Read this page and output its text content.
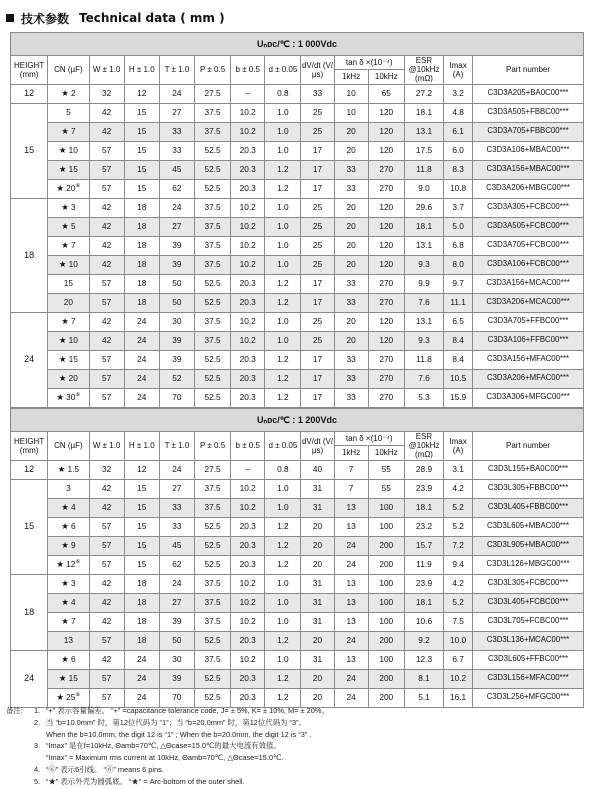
技术参数 Technical data ( mm )
Uₙᴅᴄ/℃ : 1 000Vdc													
HEIGHT (mm)	CN (µF)	W ± 1.0	H ± 1.0	T ± 1.0	P ± 0.5	b ± 0.5	d ± 0.05	dV/dt (V/µs)	tan δ ×(10⁻⁴)		ESR @10kHz (mΩ)	Imax (A)	Part number
									1kHz	10kHz			
12	★ 2	32	12	24	27.5	–	0.8	33	10	65	27.2	3.2	C3D3A205+BA0C00***
15	5	42	15	27	37.5	10.2	1.0	25	10	120	18.1	4.8	C3D3A505+FBBC00***
	★ 7	42	15	33	37.5	10.2	1.0	25	20	120	13.1	6.1	C3D3A705+FBBC00***
	★ 10	57	15	33	52.5	20.3	1.0	17	20	120	17.5	6.0	C3D3A106+MBAC00***
	★ 15	57	15	45	52.5	20.3	1.2	17	33	270	11.8	8.3	C3D3A156+MBAC00***
	★ 20⑥	57	15	62	52.5	20.3	1.2	17	33	270	9.0	10.8	C3D3A206+MBGC00***
18	★ 3	42	18	24	37.5	10.2	1.0	25	20	120	29.6	3.7	C3D3A305+FCBC00***
	★ 5	42	18	27	37.5	10.2	1.0	25	20	120	18.1	5.0	C3D3A505+FCBC00***
	★ 7	42	18	39	37.5	10.2	1.0	25	20	120	13.1	6.8	C3D3A705+FCBC00***
	★ 10	42	18	39	37.5	10.2	1.0	25	20	120	9.3	8.0	C3D3A106+FCBC00***
	15	57	18	50	52.5	20.3	1.2	17	33	270	9.9	9.7	C3D3A156+MCAC00***
	20	57	18	50	52.5	20.3	1.2	17	33	270	7.6	11.1	C3D3A206+MCAC00***
24	★ 7	42	24	30	37.5	10.2	1.0	25	20	120	13.1	6.5	C3D3A705+FFBC00***
	★ 10	42	24	39	37.5	10.2	1.0	25	20	120	9.3	8.4	C3D3A106+FFBC00***
	★ 15	57	24	39	52.5	20.3	1.2	17	33	270	11.8	8.4	C3D3A156+MFAC00***
	★ 20	57	24	52	52.5	20.3	1.2	17	33	270	7.6	10.5	C3D3A206+MFAC00***
	★ 30⑥	57	24	70	52.5	20.3	1.2	17	33	270	5.3	15.9	C3D3A306+MFGC00***
Uₙᴅᴄ/℃ : 1 200Vdc													
HEIGHT (mm)	CN (µF)	W ± 1.0	H ± 1.0	T ± 1.0	P ± 0.5	b ± 0.5	d ± 0.05	dV/dt (V/µs)	tan δ ×(10⁻⁴)		ESR @10kHz (mΩ)	Imax (A)	Part number
									1kHz	10kHz			
12	★ 1.5	32	12	24	27.5	–	0.8	40	7	55	28.9	3.1	C3D3L155+BA0C00***
15	3	42	15	27	37.5	10.2	1.0	31	7	55	23.9	4.2	C3D3L305+FBBC00***
	★ 4	42	15	33	37.5	10.2	1.0	31	13	100	18.1	5.2	C3D3L405+FBBC00***
	★ 6	57	15	33	52.5	20.3	1.2	20	13	100	23.2	5.2	C3D3L605+MBAC00***
	★ 9	57	15	45	52.5	20.3	1.2	20	24	200	15.7	7.2	C3D3L905+MBAC00***
	★ 12⑥	57	15	62	52.5	20.3	1.2	20	24	200	11.9	9.4	C3D3L126+MBGC00***
18	★ 3	42	18	24	37.5	10.2	1.0	31	13	100	23.9	4.2	C3D3L305+FCBC00***
	★ 4	42	18	27	37.5	10.2	1.0	31	13	100	18.1	5.2	C3D3L405+FCBC00***
	★ 7	42	18	39	37.5	10.2	1.0	31	13	100	10.6	7.5	C3D3L705+FCBC00***
	13	57	18	50	52.5	20.3	1.2	20	24	200	9.2	10.0	C3D3L136+MCAC00***
24	★ 6	42	24	30	37.5	10.2	1.0	31	13	100	12.3	6.7	C3D3L605+FFBC00***
	★ 15	57	24	39	52.5	20.3	1.2	20	24	200	8.1	10.2	C3D3L156+MFAC00***
	★ 25⑥	57	24	70	52.5	20.3	1.2	20	24	200	5.1	16.1	C3D3L256+MFGC00***
备注:	1. “+” 表示容量偏差。 “+” =capacitance tolerance code, J= ± 5%, K= ± 10%, M= ± 20%。
2. 当 “b=10.0mm” 时，第12位代码为 “1”；当 “b=20.0mm” 时，第12位代码为 “3”。
When the b=10.0mm, the digit 12 is “1” ; When the b=20.0mm, the digit 12 is “3” .
3. “Imax” 是在f=10kHz, Θamb=70℃, △Θcase=15.0℃的最大电流有效值。
“Imax” = Maximum rms current at 10kHz, Θamb=70℃, △Θcase=15.0℃.
4. “⑥” 表示6引线。 “⑥” means 6 pins.
5. “★” 表示外壳为圆弧底。 “★” = Arc-bottom of the outer shell.
